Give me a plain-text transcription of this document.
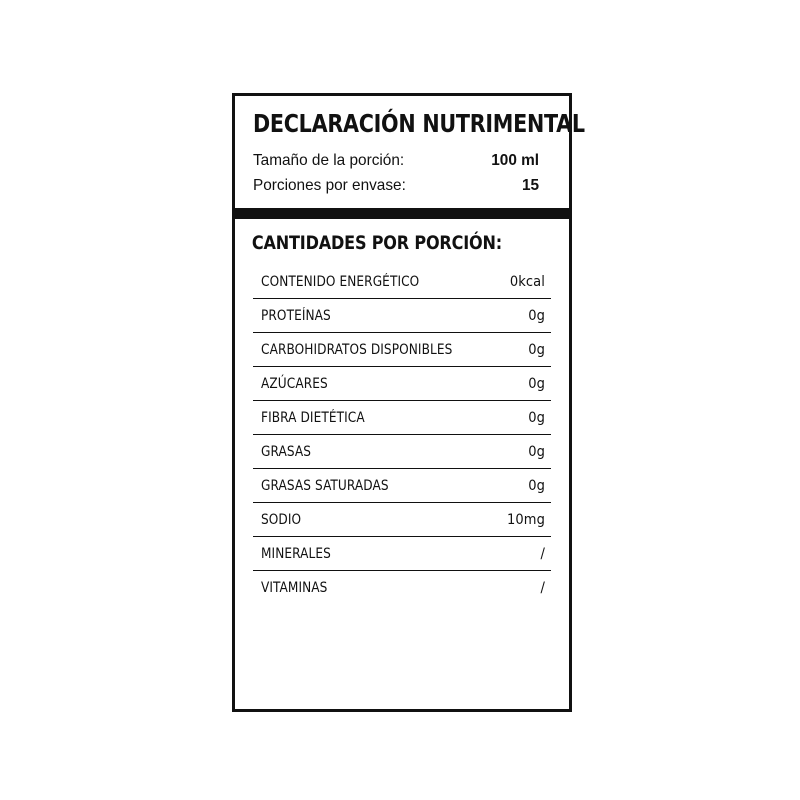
DECLARACIÓN NUTRIMENTAL
Tamaño de la porción:	100 ml
Porciones por envase:	15
CANTIDADES POR PORCIÓN:
CONTENIDO ENERGÉTICO	0kcal
PROTEÍNAS	0g
CARBOHIDRATOS DISPONIBLES	0g
AZÚCARES	0g
FIBRA DIETÉTICA	0g
GRASAS	0g
GRASAS SATURADAS	0g
SODIO	10mg
MINERALES	/
VITAMINAS	/
